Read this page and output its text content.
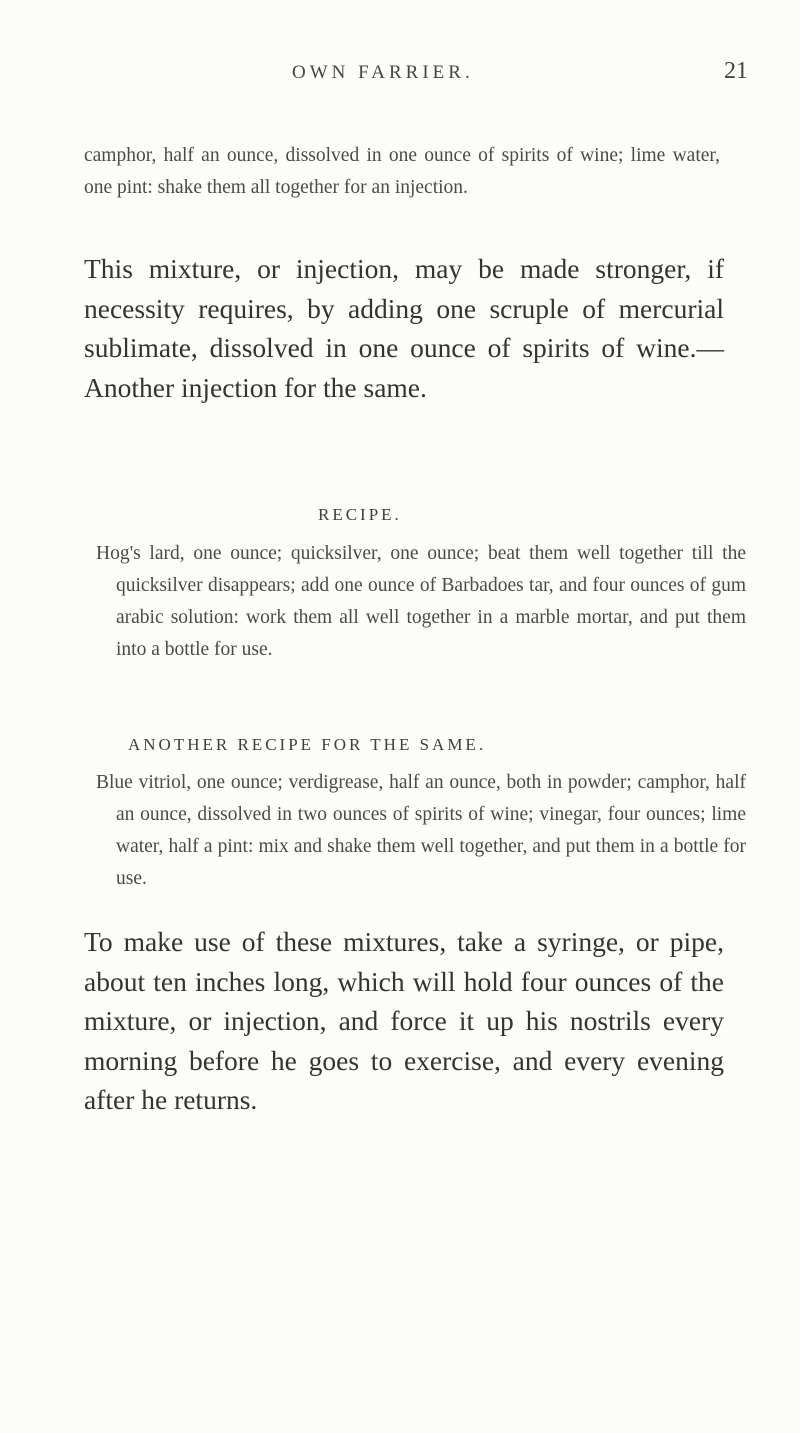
OWN FARRIER.	21

camphor, half an ounce, dissolved in one ounce of spirits of wine; lime water, one pint: shake them all together for an injection.

This mixture, or injection, may be made stronger, if necessity requires, by adding one scruple of mercurial sublimate, dissolved in one ounce of spirits of wine.—Another injection for the same.

RECIPE.

Hog's lard, one ounce; quicksilver, one ounce; beat them well together till the quicksilver disappears; add one ounce of Barbadoes tar, and four ounces of gum arabic solution: work them all well together in a marble mortar, and put them into a bottle for use.

ANOTHER RECIPE FOR THE SAME.

Blue vitriol, one ounce; verdigrease, half an ounce, both in powder; camphor, half an ounce, dissolved in two ounces of spirits of wine; vinegar, four ounces; lime water, half a pint: mix and shake them well together, and put them in a bottle for use.

To make use of these mixtures, take a syringe, or pipe, about ten inches long, which will hold four ounces of the mixture, or injection, and force it up his nostrils every morning before he goes to exercise, and every evening after he returns.
